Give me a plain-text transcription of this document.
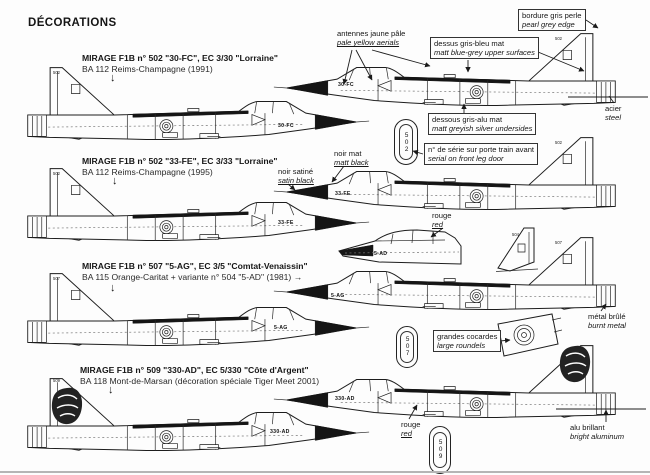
DÉCORATIONS
MIRAGE F1B n° 502 "30-FC", EC 3/30 "Lorraine"
BA 112 Reims-Champagne (1991)
↓
MIRAGE F1B n° 502 "33-FE", EC 3/33 "Lorraine"
BA 112 Reims-Champagne (1995)
↓
MIRAGE F1B n° 507 "5-AG", EC 3/5 "Comtat-Venaissin"
BA 115 Orange-Caritat + variante n° 504 "5-AD" (1981) →
↓
MIRAGE F1B n° 509 "330-AD", EC 5/330 "Côte d'Argent"
BA 118 Mont-de-Marsan (décoration spéciale Tiger Meet 2001)
↓
30-FC
30-FC
33-FE
33-FE
5-AG
5-AG
330-AD
330-AD
5-AD
502
502
502
502
507
507
504
509
502
507
509
antennes jaune pâle
pale yellow aerials	dessus gris-bleu mat
matt blue-grey upper surfaces
bordure gris perle
pearl grey edge
acier
steel
dessous gris-alu mat
matt greyish silver undersides
n° de série sur porte train avant
serial on front leg door
noir mat
matt black
noir satiné
satin black
rouge
red
grandes cocardes
large roundels
métal brûlé
burnt metal
rouge
red
alu brillant
bright aluminum
